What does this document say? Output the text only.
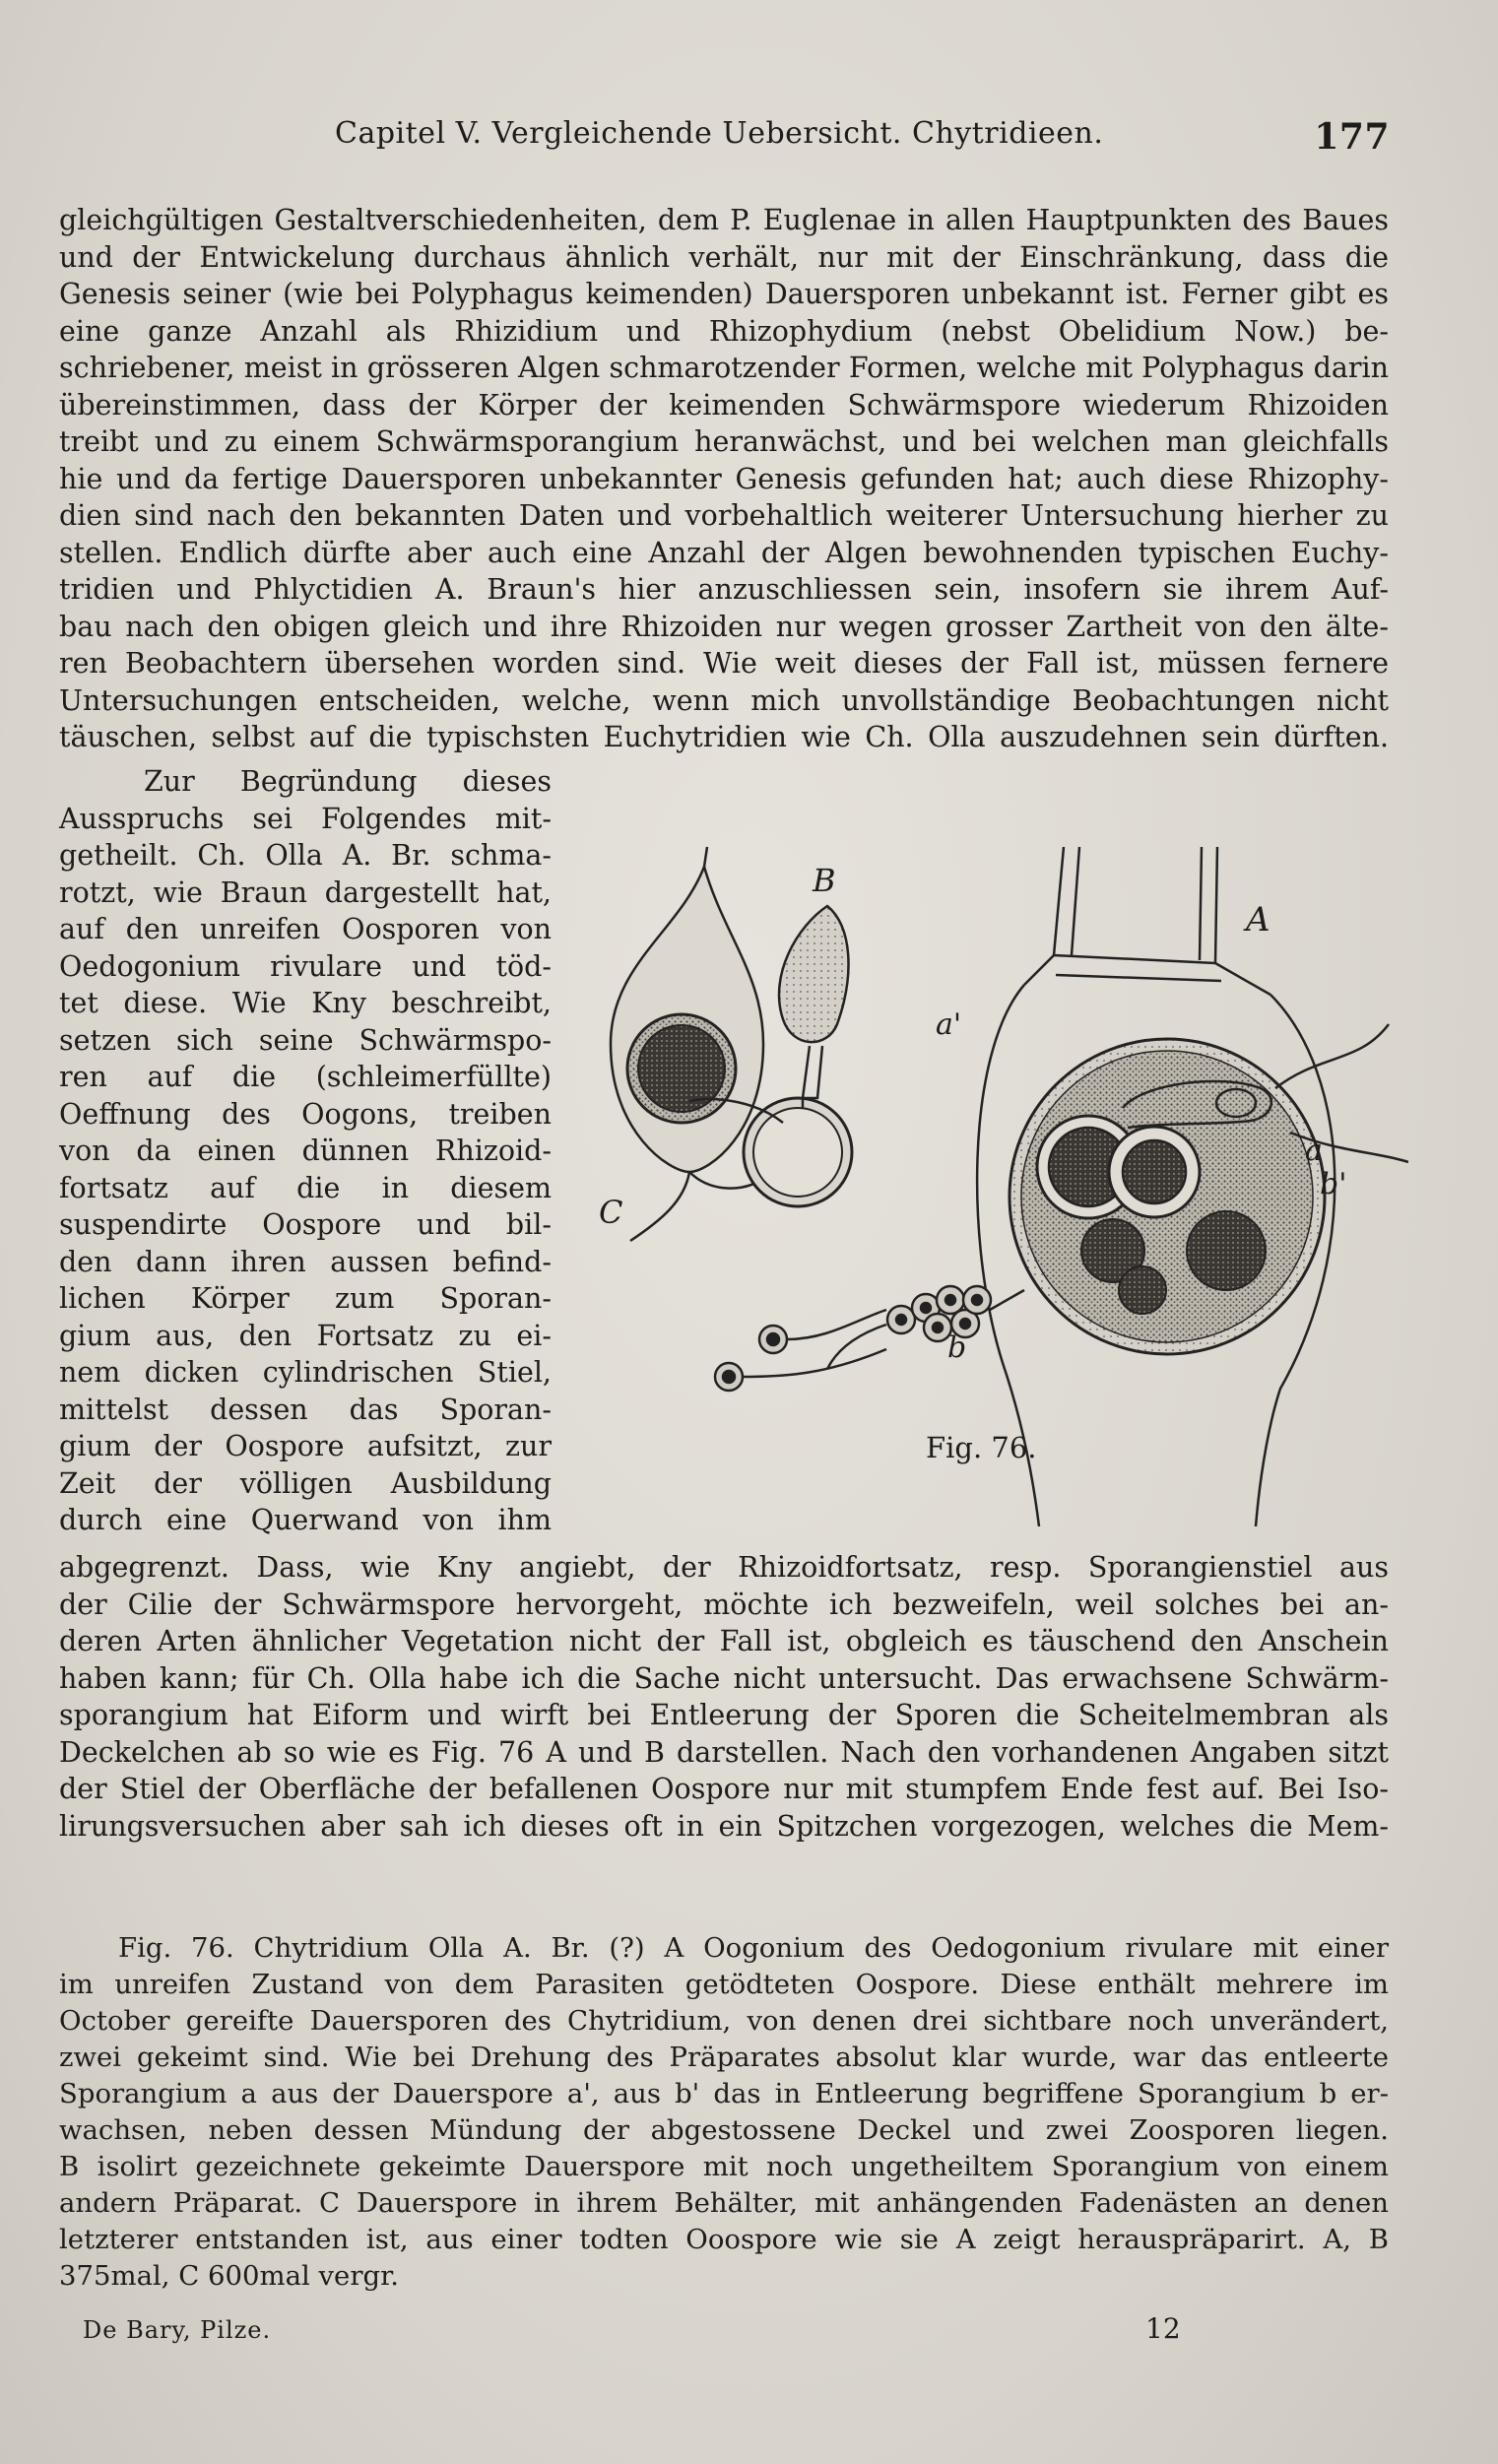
Capitel V. Vergleichende Uebersicht. Chytridieen.	177
gleichgültigen Gestaltverschiedenheiten, dem P. Euglenae in allen Hauptpunkten des Baues
und der Entwickelung durchaus ähnlich verhält, nur mit der Einschränkung, dass die
Genesis seiner (wie bei Polyphagus keimenden) Dauersporen unbekannt ist. Ferner gibt es
eine ganze Anzahl als Rhizidium und Rhizophydium (nebst Obelidium Now.) be-
schriebener, meist in grösseren Algen schmarotzender Formen, welche mit Polyphagus darin
übereinstimmen, dass der Körper der keimenden Schwärmspore wiederum Rhizoiden
treibt und zu einem Schwärmsporangium heranwächst, und bei welchen man gleichfalls
hie und da fertige Dauersporen unbekannter Genesis gefunden hat; auch diese Rhizophy-
dien sind nach den bekannten Daten und vorbehaltlich weiterer Untersuchung hierher zu
stellen. Endlich dürfte aber auch eine Anzahl der Algen bewohnenden typischen Euchy-
tridien und Phlyctidien A. Braun's hier anzuschliessen sein, insofern sie ihrem Auf-
bau nach den obigen gleich und ihre Rhizoiden nur wegen grosser Zartheit von den älte-
ren Beobachtern übersehen worden sind. Wie weit dieses der Fall ist, müssen fernere
Untersuchungen entscheiden, welche, wenn mich unvollständige Beobachtungen nicht
täuschen, selbst auf die typischsten Euchytridien wie Ch. Olla auszudehnen sein dürften.
Zur Begründung dieses
Ausspruchs sei Folgendes mit-
getheilt. Ch. Olla A. Br. schma-
rotzt, wie Braun dargestellt hat,
auf den unreifen Oosporen von
Oedogonium rivulare und töd-
tet diese. Wie Kny beschreibt,
setzen sich seine Schwärmspo-
ren auf die (schleimerfüllte)
Oeffnung des Oogons, treiben
von da einen dünnen Rhizoid-
fortsatz auf die in diesem
suspendirte Oospore und bil-
den dann ihren aussen befind-
lichen Körper zum Sporan-
gium aus, den Fortsatz zu ei-
nem dicken cylindrischen Stiel,
mittelst dessen das Sporan-
gium der Oospore aufsitzt, zur
Zeit der völligen Ausbildung
durch eine Querwand von ihm
C
B
A
a'
a
b'
b
Fig. 76.
abgegrenzt. Dass, wie Kny angiebt, der Rhizoidfortsatz, resp. Sporangienstiel aus
der Cilie der Schwärmspore hervorgeht, möchte ich bezweifeln, weil solches bei an-
deren Arten ähnlicher Vegetation nicht der Fall ist, obgleich es täuschend den Anschein
haben kann; für Ch. Olla habe ich die Sache nicht untersucht. Das erwachsene Schwärm-
sporangium hat Eiform und wirft bei Entleerung der Sporen die Scheitelmembran als
Deckelchen ab so wie es Fig. 76 A und B darstellen. Nach den vorhandenen Angaben sitzt
der Stiel der Oberfläche der befallenen Oospore nur mit stumpfem Ende fest auf. Bei Iso-
lirungsversuchen aber sah ich dieses oft in ein Spitzchen vorgezogen, welches die Mem-
Fig. 76. Chytridium Olla A. Br. (?) A Oogonium des Oedogonium rivulare mit einer
im unreifen Zustand von dem Parasiten getödteten Oospore. Diese enthält mehrere im
October gereifte Dauersporen des Chytridium, von denen drei sichtbare noch unverändert,
zwei gekeimt sind. Wie bei Drehung des Präparates absolut klar wurde, war das entleerte
Sporangium a aus der Dauerspore a', aus b' das in Entleerung begriffene Sporangium b er-
wachsen, neben dessen Mündung der abgestossene Deckel und zwei Zoosporen liegen.
B isolirt gezeichnete gekeimte Dauerspore mit noch ungetheiltem Sporangium von einem
andern Präparat. C Dauerspore in ihrem Behälter, mit anhängenden Fadenästen an denen
letzterer entstanden ist, aus einer todten Ooospore wie sie A zeigt herauspräparirt. A, B
375mal, C 600mal vergr.
De Bary, Pilze.	12
